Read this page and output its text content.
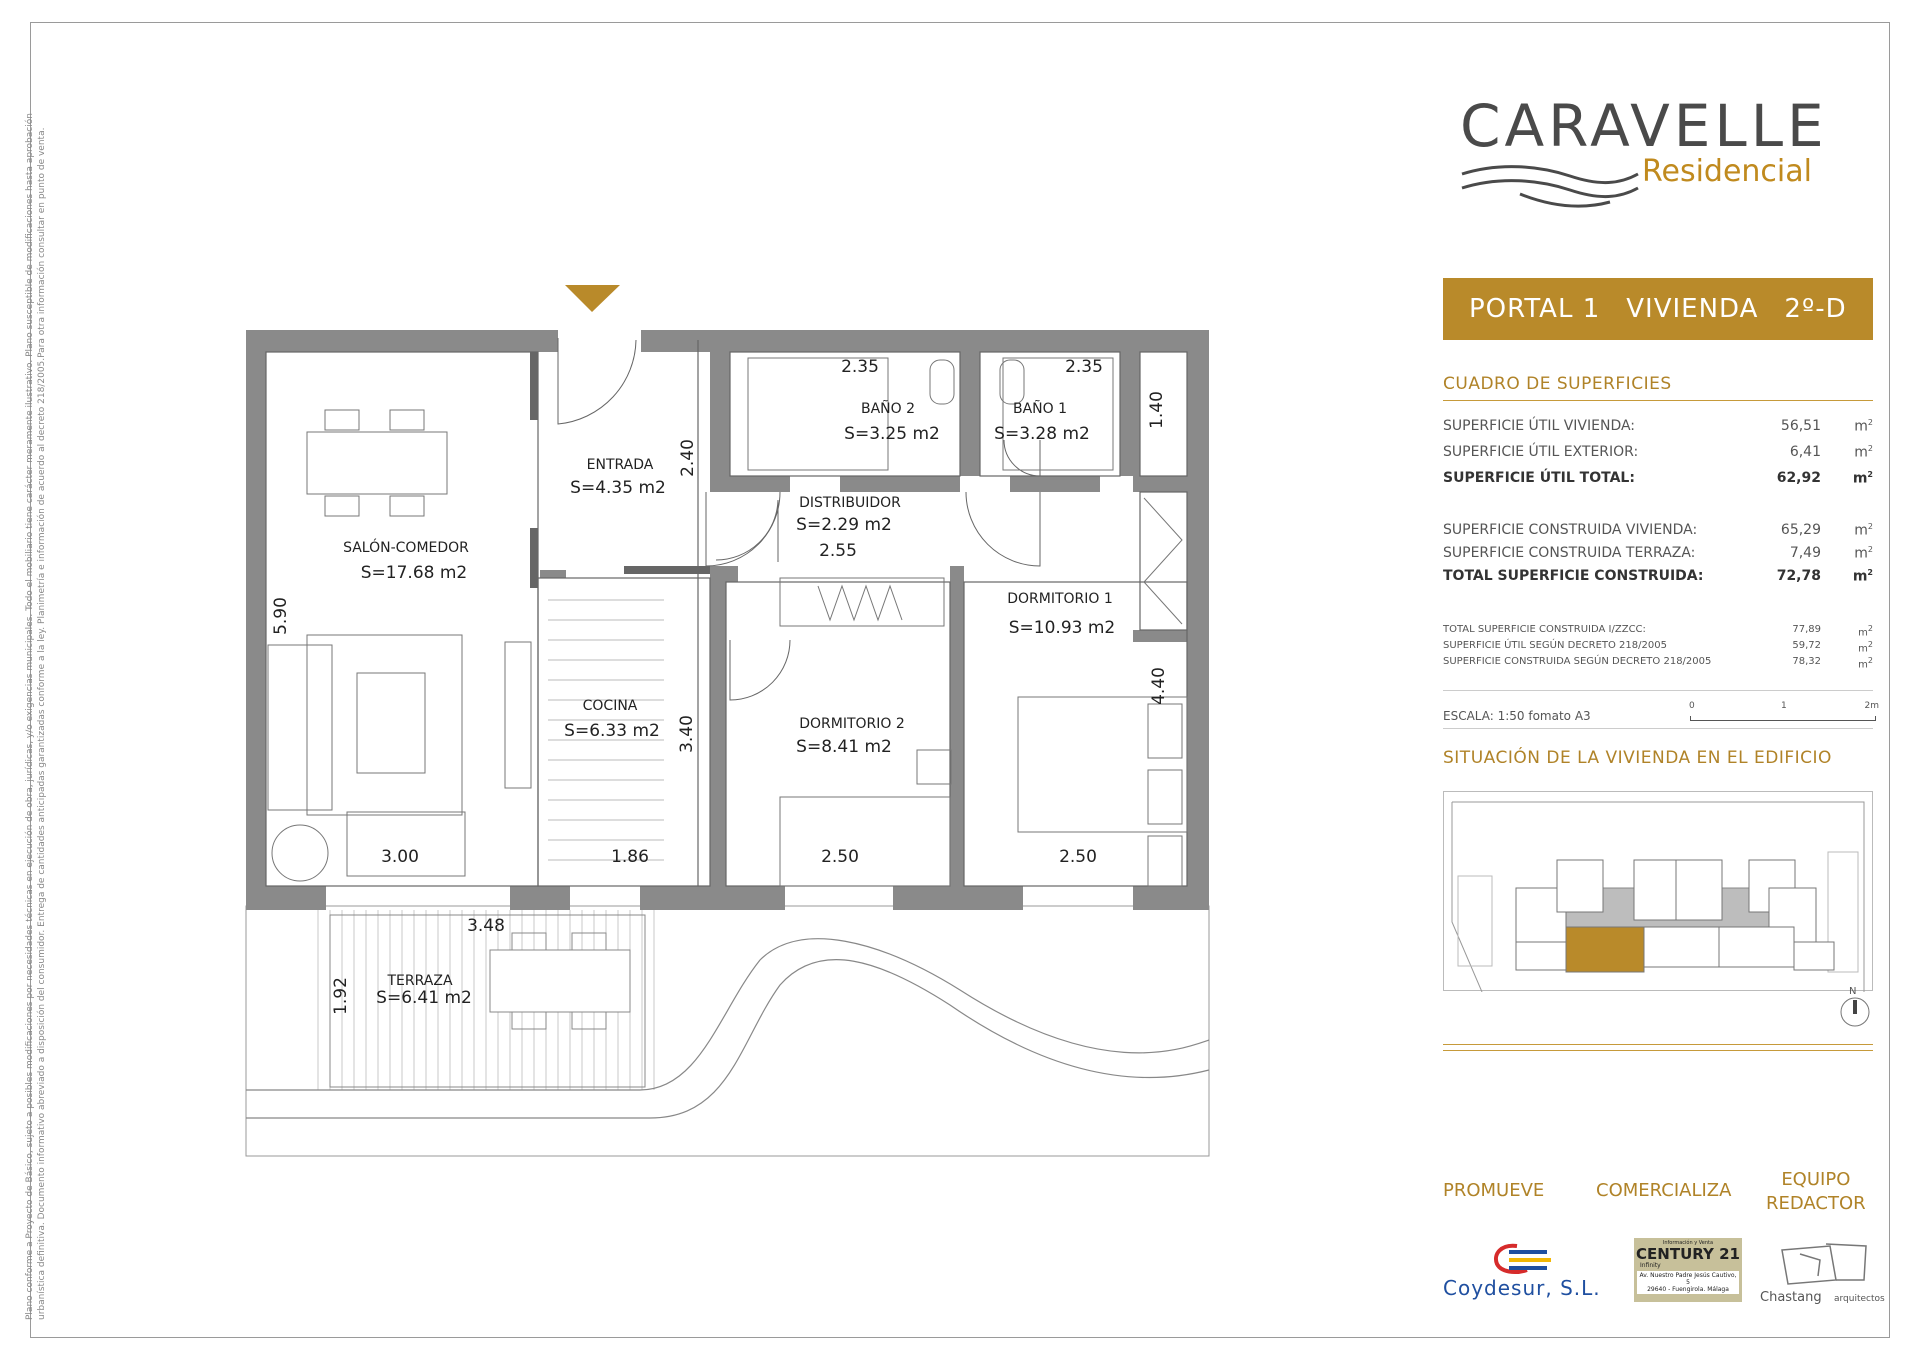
Plano conforme a Proyecto de Básico, sujeto a posibles modificaciones por necesidades técnicas en ejecución de obra, jurídicas, y/o exigencias municipales. Todo el mobiliario tiene carácter meramente ilustrativo. Plano susceptible de modificaciones hasta aprobación urbanística definitiva. Documento informativo abreviado a disposición del consumidor. Entrega de cantidades anticipadas garantizadas conforme a la ley. Planimetría e información de acuerdo al decreto 218/2005.Para otra información consultar en punto de venta.	SALÓN-COMEDOR
S=17.68 m2
ENTRADA
S=4.35 m2
BAÑO 2
S=3.25 m2
BAÑO 1
S=3.28 m2
DISTRIBUIDOR
S=2.29 m2
DORMITORIO 1
S=10.93 m2
COCINA
S=6.33 m2	DORMITORIO 2
S=8.41 m2
TERRAZA
S=6.41 m2
2.35	2.35
2.55
3.00	1.86	2.50	2.50
3.48
1.40
2.40
5.90
4.40
3.40
1.92
CARAVELLE
Residencial
PORTAL 1 VIVIENDA 2º-D
CUADRO DE SUPERFICIES
SUPERFICIE ÚTIL VIVIENDA:	56,51 $m^2$
SUPERFICIE ÚTIL EXTERIOR:	6,41 $m^2$
SUPERFICIE ÚTIL TOTAL:	62,92 $m^2$
SUPERFICIE CONSTRUIDA VIVIENDA:	65,29 $m^2$
SUPERFICIE CONSTRUIDA TERRAZA:	7,49 $m^2$
TOTAL SUPERFICIE CONSTRUIDA:	72,78 $m^2$
TOTAL SUPERFICIE CONSTRUIDA I/ZZCC:	77,89	$m^2$
SUPERFICIE ÚTIL SEGÚN DECRETO 218/2005	59,72	$m^2$
SUPERFICIE CONSTRUIDA SEGÚN DECRETO 218/2005	78,32	$m^2$
ESCALA: 1:50 fomato A3
0	1	2m
SITUACIÓN DE LA VIVIENDA EN EL EDIFICIO
N
PROMUEVE	COMERCIALIZA
EQUIPO
REDACTOR
Coydesur, S.L.
Información y Venta
CENTURY 21
Infinity
Av. Nuestro Padre Jesús Cautivo, 5
29640 - Fuengirola. Málaga
Chastang arquitectos
